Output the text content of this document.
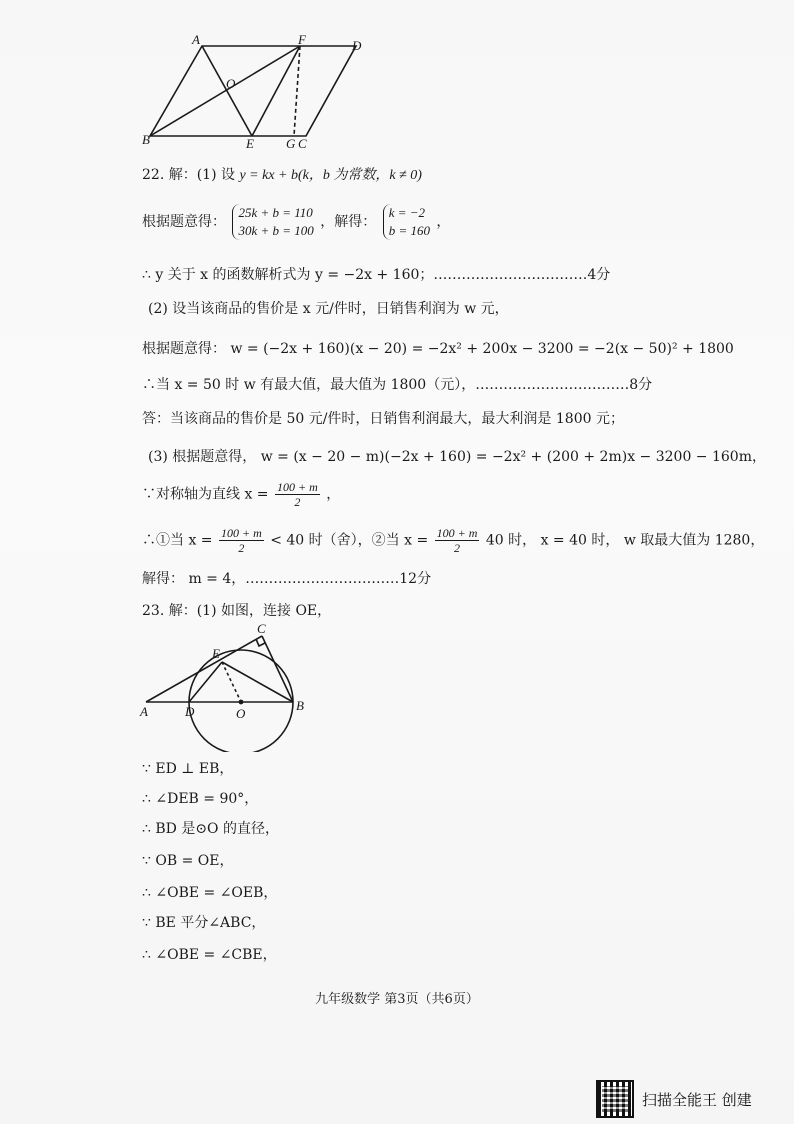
A	F	D
O
B	E G C
22. 解：(1) 设 y = kx + b(k，b 为常数，k ≠ 0)
根据题意得：
25k + b = 110
30k + b = 100
，解得：
k = −2
b = 160
，
∴ y 关于 x 的函数解析式为 y = −2x + 160；……………………………4分
(2) 设当该商品的售价是 x 元/件时，日销售利润为 w 元，
根据题意得： w = (−2x + 160)(x − 20) = −2x² + 200x − 3200 = −2(x − 50)² + 1800
∴当 x = 50 时 w 有最大值，最大值为 1800（元），……………………………8分
答：当该商品的售价是 50 元/件时，日销售利润最大，最大利润是 1800 元；
(3) 根据题意得， w = (x − 20 − m)(−2x + 160) = −2x² + (200 + 2m)x − 3200 − 160m，
∵对称轴为直线 $x = \frac{100 + m}{2}$ ，
∴①当 $x = \frac{100 + m}{2} < 40$ 时（舍），②当 $x = \frac{100 + m}{2} 40$ 时， x = 40 时， w 取最大值为 1280，
解得： m = 4，……………………………12分
23. 解：(1) 如图，连接 OE，
C
E
A	D	O
B
∵ ED ⊥ EB，
∴ ∠DEB = 90°，
∴ BD 是⊙O 的直径，
∵ OB = OE，
∴ ∠OBE = ∠OEB，
∵ BE 平分∠ABC，
∴ ∠OBE = ∠CBE，
九年级数学 第3页（共6页）
扫描全能王 创建
